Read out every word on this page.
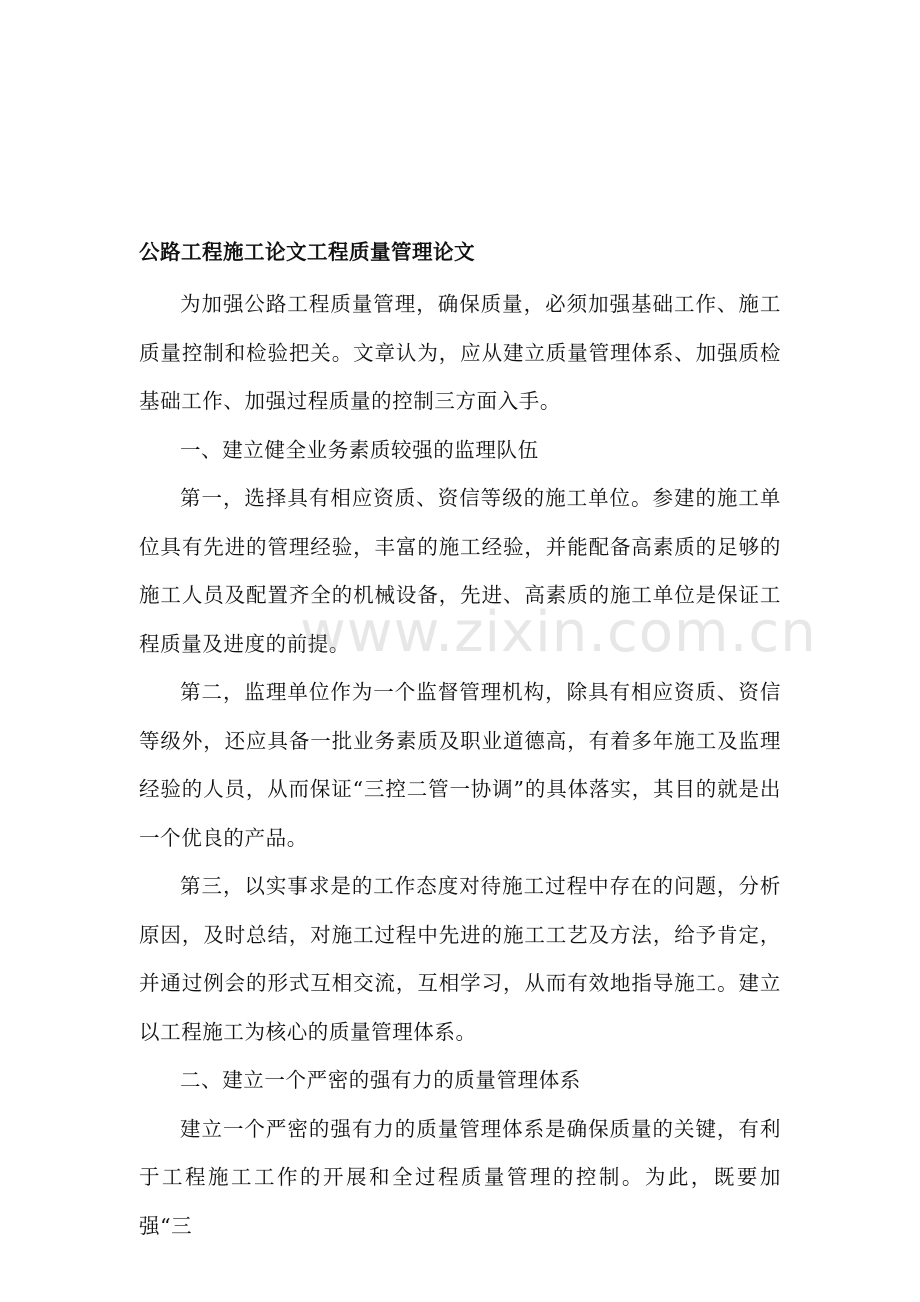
公路工程施工论文工程质量管理论文

为加强公路工程质量管理，确保质量，必须加强基础工作、施工质量控制和检验把关。文章认为，应从建立质量管理体系、加强质检基础工作、加强过程质量的控制三方面入手。

一、建立健全业务素质较强的监理队伍

第一，选择具有相应资质、资信等级的施工单位。参建的施工单位具有先进的管理经验，丰富的施工经验，并能配备高素质的足够的施工人员及配置齐全的机械设备，先进、高素质的施工单位是保证工程质量及进度的前提。

第二，监理单位作为一个监督管理机构，除具有相应资质、资信等级外，还应具备一批业务素质及职业道德高，有着多年施工及监理经验的人员，从而保证“三控二管一协调”的具体落实，其目的就是出一个优良的产品。

第三，以实事求是的工作态度对待施工过程中存在的问题，分析原因，及时总结，对施工过程中先进的施工工艺及方法，给予肯定，并通过例会的形式互相交流，互相学习，从而有效地指导施工。建立以工程施工为核心的质量管理体系。

二、建立一个严密的强有力的质量管理体系

建立一个严密的强有力的质量管理体系是确保质量的关键，有利于工程施工工作的开展和全过程质量管理的控制。为此，既要加强“三

www.zixin.com.cn
